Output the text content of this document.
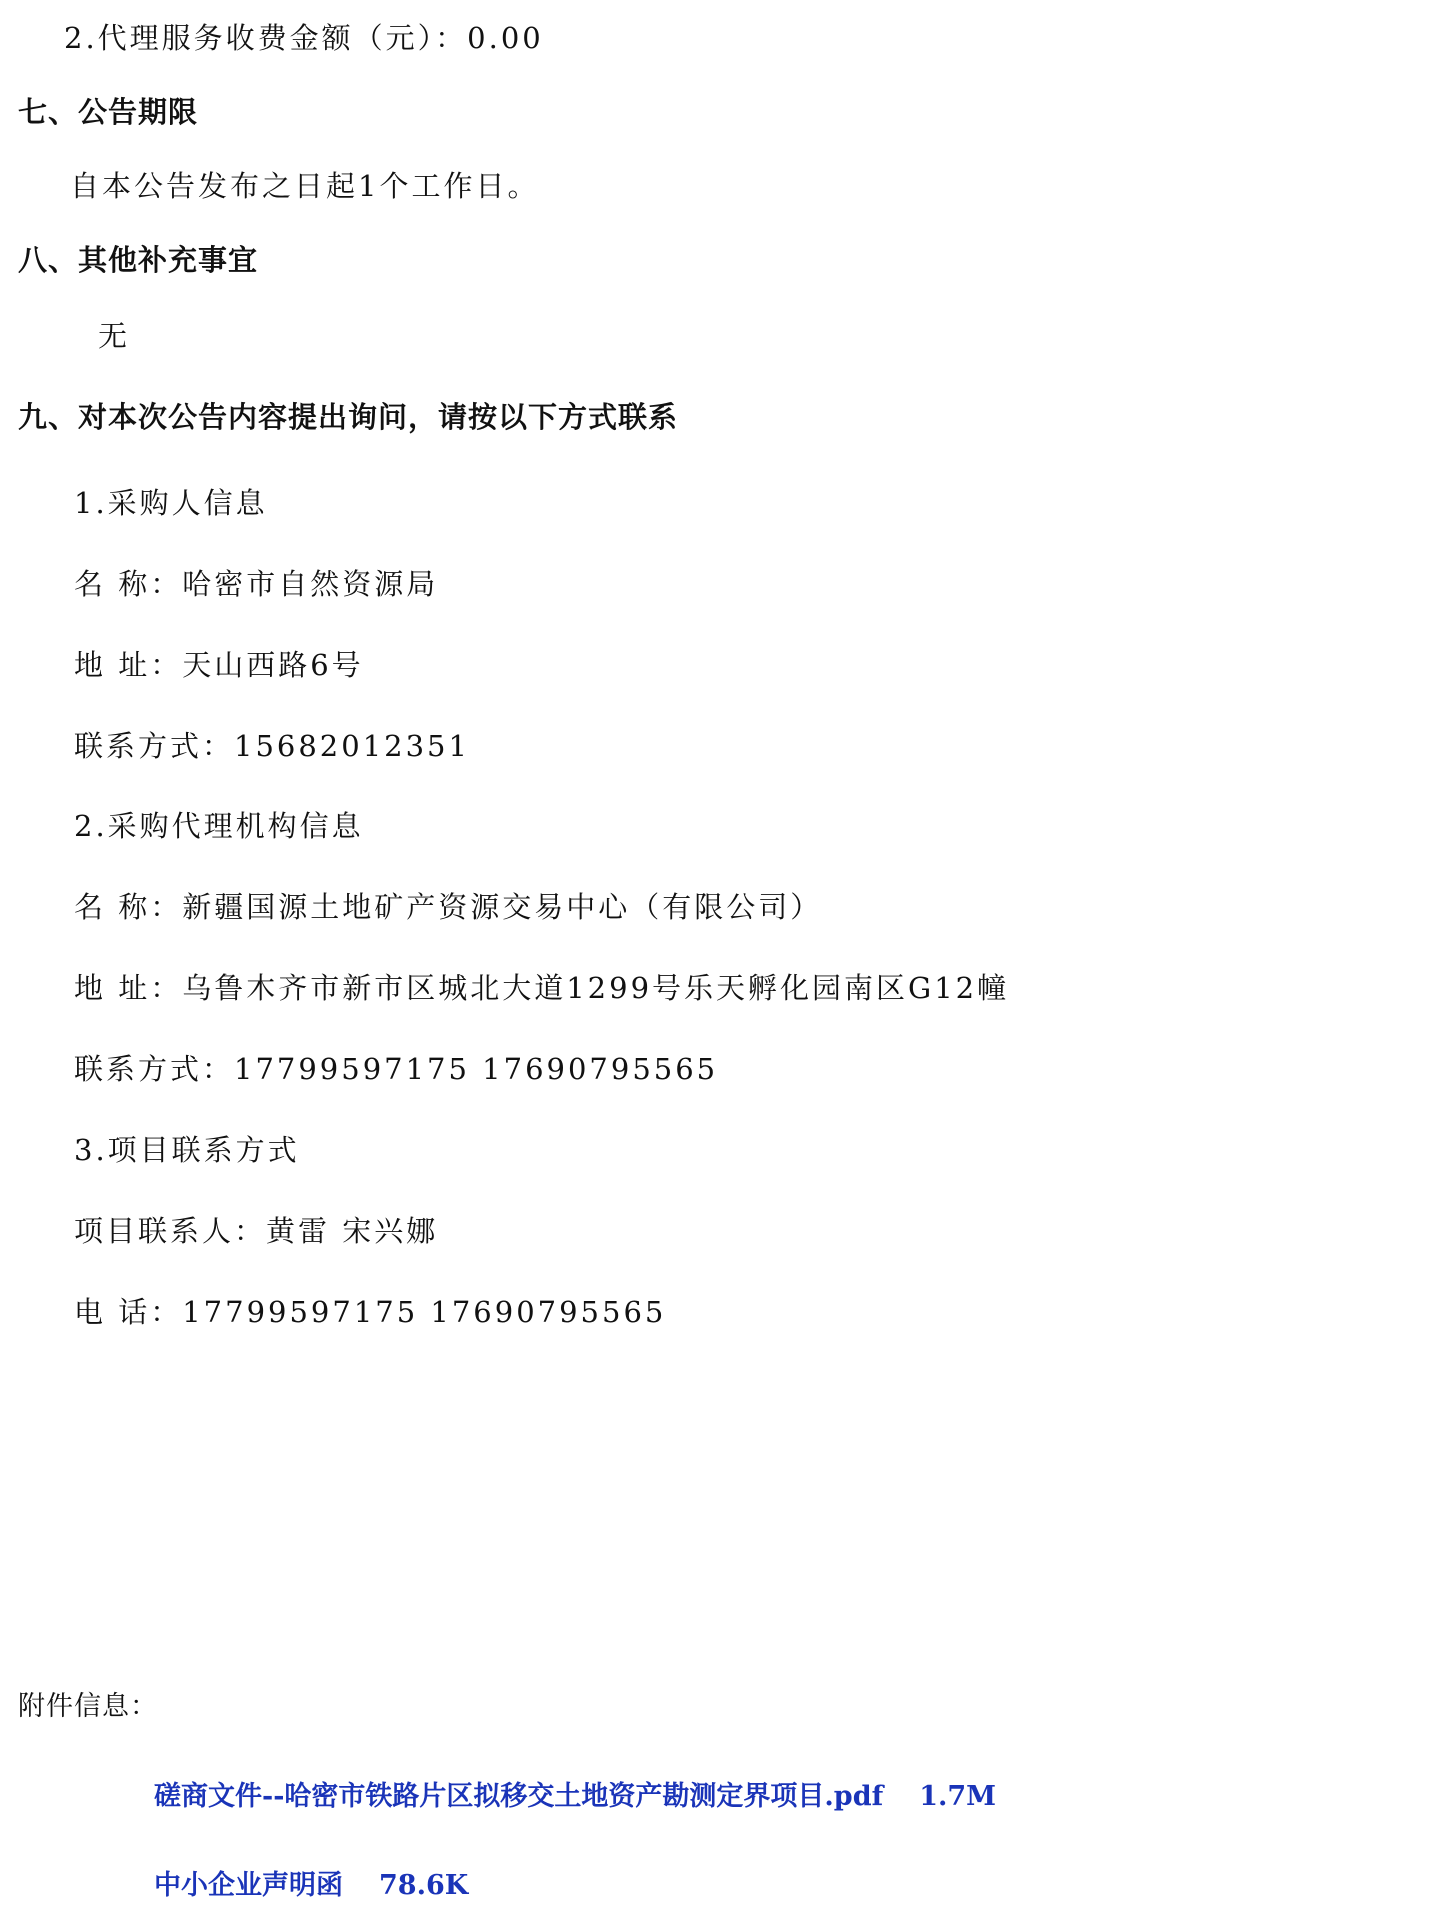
2.代理服务收费金额（元）：0.00
七、公告期限
自本公告发布之日起1个工作日。
八、其他补充事宜
无
九、对本次公告内容提出询问，请按以下方式联系
1.采购人信息
名 称：哈密市自然资源局
地 址：天山西路6号
联系方式：15682012351
2.采购代理机构信息
名 称：新疆国源土地矿产资源交易中心（有限公司）
地 址：乌鲁木齐市新市区城北大道1299号乐天孵化园南区G12幢
联系方式：17799597175 17690795565
3.项目联系方式
项目联系人：黄雷 宋兴娜
电 话：17799597175 17690795565
附件信息：
磋商文件--哈密市铁路片区拟移交土地资产勘测定界项目.pdf 1.7M
中小企业声明函 78.6K
